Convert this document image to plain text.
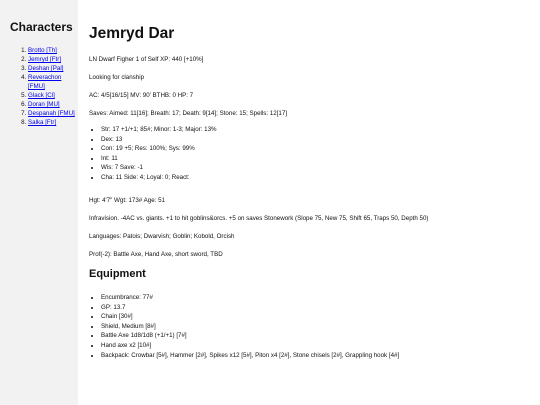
Characters
1. Brotto [Th]
2. Jemryd [Ftr]
3. Deshan [Pal]
4. Reverachon [FMU]
5. Glack [Cl]
6. Doran [MU]
7. Despanah [FMU]
8. Salka [Ftr]
Jemryd Dar

LN Dwarf Figher 1 of Self XP: 440 [+10%]

Looking for clanship

AC: 4/5[16/15] MV: 90' BTHB: 0 HP: 7

Saves: Aimed: 11[16]; Breath: 17; Death: 9[14]; Stone: 15; Spells: 12[17]

• Str: 17 +1/+1; 85#; Minor: 1-3; Major: 13%
• Dex: 13
• Con: 19 +5; Res: 100%; Sys: 99%
• Int: 11
• Wis: 7 Save: -1
• Cha: 11 Side: 4; Loyal: 0; React:

Hgt: 4'7" Wgt: 173# Age: 51

Infravision. -4AC vs. giants. +1 to hit goblins&orcs. +5 on saves Stonework (Slope 75, New 75, Shift 65, Traps 50, Depth 50)

Languages: Patois; Dwarvish; Goblin; Kobold, Orcish

Prof(-2): Battle Axe, Hand Axe, short sword, TBD

Equipment
• Encumbrance: 77#
• GP: 13.7
• Chain [30#]
• Shield, Medium [8#]
• Battle Axe 1d8/1d8 (+1/+1) [7#]
• Hand axe x2 [10#]
• Backpack: Crowbar [5#], Hammer [2#], Spikes x12 [5#], Piton x4 [2#], Stone chisels [2#], Grappling hook [4#]
